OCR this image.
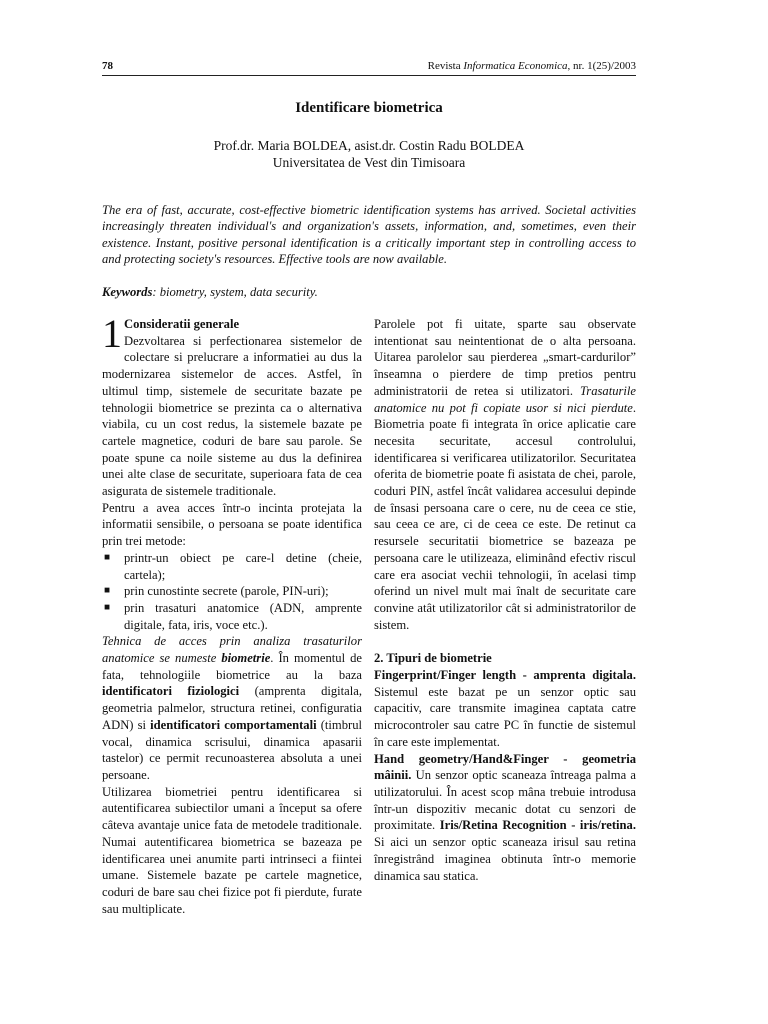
78	Revista Informatica Economica, nr. 1(25)/2003
Identificare biometrica
Prof.dr. Maria BOLDEA, asist.dr. Costin Radu BOLDEA
Universitatea de Vest din Timisoara
The era of fast, accurate, cost-effective biometric identification systems has arrived. Societal activities increasingly threaten individual's and organization's assets, information, and, sometimes, even their existence. Instant, positive personal identification is a critically important step in controlling access to and protecting society's resources. Effective tools are now available.
Keywords: biometry, system, data security.

1 Consideratii generale
Dezvoltarea si perfectionarea sistemelor de colectare si prelucrare a informatiei au dus la modernizarea sistemelor de acces. Astfel, în ultimul timp, sistemele de securitate bazate pe tehnologii biometrice se prezinta ca o alternativa viabila, cu un cost redus, la sistemele bazate pe cartele magnetice, coduri de bare sau parole. Se poate spune ca noile sisteme au dus la definirea unei alte clase de securitate, superioara fata de cea asigurata de sistemele traditionale.

Pentru a avea acces într-o incinta protejata la informatii sensibile, o persoana se poate identifica prin trei metode:

■ printr-un obiect pe care-l detine (cheie, cartela);
■ prin cunostinte secrete (parole, PIN-uri);
■ prin trasaturi anatomice (ADN, amprente digitale, fata, iris, voce etc.).

Tehnica de acces prin analiza trasaturilor anatomice se numeste biometrie. În momentul de fata, tehnologiile biometrice au la baza identificatori fiziologici (amprenta digitala, geometria palmelor, structura retinei, configuratia ADN) si identificatori comportamentali (timbrul vocal, dinamica scrisului, dinamica apasarii tastelor) ce permit recunoasterea absoluta a unei persoane.

Utilizarea biometriei pentru identificarea si autentificarea subiectilor umani a început sa ofere câteva avantaje unice fata de metodele traditionale. Numai autentificarea biometrica se bazeaza pe identificarea unei anumite parti intrinseci a fiintei umane. Sistemele bazate pe cartele magnetice, coduri de bare sau chei fizice pot fi pierdute, furate sau multiplicate.

Parolele pot fi uitate, sparte sau observate intentionat sau neintentionat de o alta persoana. Uitarea parolelor sau pierderea „smart-cardurilor” înseamna o pierdere de timp pretios pentru administratorii de retea si utilizatori. Trasaturile anatomice nu pot fi copiate usor si nici pierdute. Biometria poate fi integrata în orice aplicatie care necesita securitate, accesul controlului, identificarea si verificarea utilizatorilor. Securitatea oferita de biometrie poate fi asistata de chei, parole, coduri PIN, astfel încât validarea accesului depinde de însasi persoana care o cere, nu de ceea ce stie, sau ceea ce are, ci de ceea ce este. De retinut ca resursele securitatii biometrice se bazeaza pe persoana care le utilizeaza, eliminând efectiv riscul care era asociat vechii tehnologii, în acelasi timp oferind un nivel mult mai înalt de securitate care convine atât utilizatorilor cât si administratorilor de sistem.

2. Tipuri de biometrie

Fingerprint/Finger length - amprenta digitala. Sistemul este bazat pe un senzor optic sau capacitiv, care transmite imaginea captata catre microcontroler sau catre PC în functie de sistemul în care este implementat.

Hand geometry/Hand&Finger - geometria mâinii. Un senzor optic scaneaza întreaga palma a utilizatorului. În acest scop mâna trebuie introdusa într-un dispozitiv mecanic dotat cu senzori de proximitate. Iris/Retina Recognition - iris/retina. Si aici un senzor optic scaneaza irisul sau retina înregistrând imaginea obtinuta într-o memorie dinamica sau statica.
